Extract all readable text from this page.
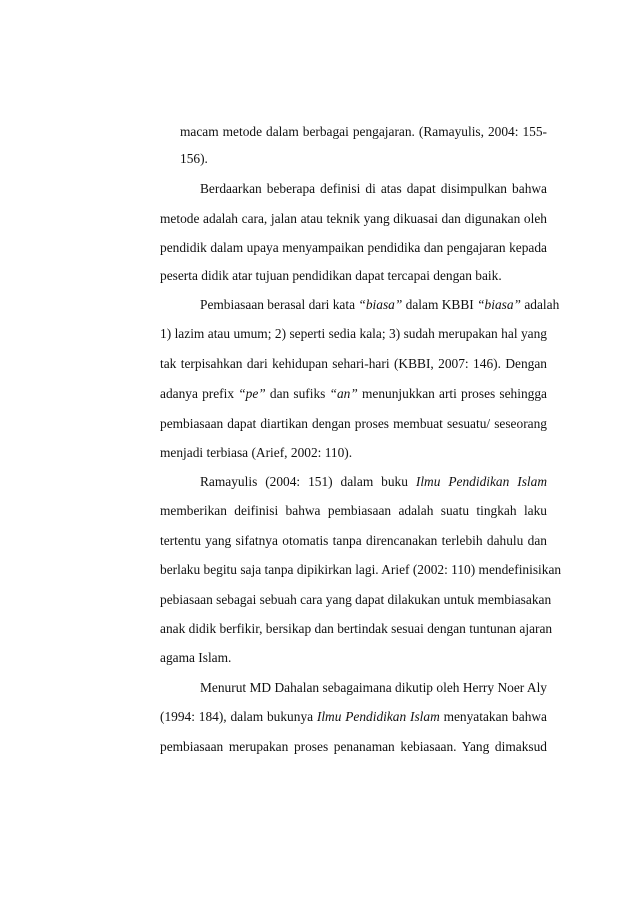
macam metode dalam berbagai pengajaran. (Ramayulis, 2004: 155-
156).
Berdaarkan beberapa definisi di atas dapat disimpulkan bahwa
metode adalah cara, jalan atau teknik yang dikuasai dan digunakan oleh
pendidik dalam upaya menyampaikan pendidika dan pengajaran kepada
peserta didik atar tujuan pendidikan dapat tercapai dengan baik.
Pembiasaan berasal dari kata “biasa” dalam KBBI “biasa” adalah
1) lazim atau umum; 2) seperti sedia kala; 3) sudah merupakan hal yang
tak terpisahkan dari kehidupan sehari-hari (KBBI, 2007: 146). Dengan
adanya prefix “pe” dan sufiks “an” menunjukkan arti proses sehingga
pembiasaan dapat diartikan dengan proses membuat sesuatu/ seseorang
menjadi terbiasa (Arief, 2002: 110).
Ramayulis (2004: 151) dalam buku Ilmu Pendidikan Islam
memberikan deifinisi bahwa pembiasaan adalah suatu tingkah laku
tertentu yang sifatnya otomatis tanpa direncanakan terlebih dahulu dan
berlaku begitu saja tanpa dipikirkan lagi. Arief (2002: 110) mendefinisikan
pebiasaan sebagai sebuah cara yang dapat dilakukan untuk membiasakan
anak didik berfikir, bersikap dan bertindak sesuai dengan tuntunan ajaran
agama Islam.
Menurut MD Dahalan sebagaimana dikutip oleh Herry Noer Aly
(1994: 184), dalam bukunya Ilmu Pendidikan Islam menyatakan bahwa
pembiasaan merupakan proses penanaman kebiasaan. Yang dimaksud
